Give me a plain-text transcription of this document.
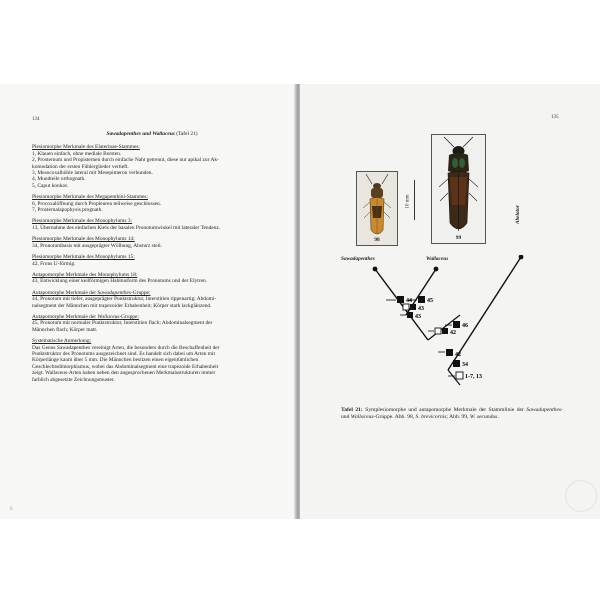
134
Sawadapenthes und Wallaceus (Tafel 21)
Plesiomorphe Merkmale des Elaterinae-Stammes:
1, Klauen einfach, ohne mediale Borsten.
2, Prosternum und Propisternen durch einfache Naht getrennt, diese nur apikal zur Ak-
komodation der ersten Fühlerglieder vertieft.
3, Mesocoxalhöhle lateral mit Mesepimeron verbunden.
4, Mundteile orthognath.
5, Caput konkav.
Plesiomorphe Merkmale des Megapenthini-Stammes:
6, Procoxalöffnung durch Propleuren teilweise geschlossen.
7, Prosternalapophysis prognath.
Plesiomorphe Merkmale des Monophylums 3:
13, Übernahme des einfachen Kiels der basalen Pronotumwinkel mit lateraler Tendenz.
Plesiomorphe Merkmale des Monophylums 14:
34, Pronotumbasis mit ausgeprägter Wölbung, Absturz steil.
Plesiomorphe Merkmale des Monophylums 15:
42, Frons U-förmig.
Autapomorphe Merkmale des Monophylums 18:
43, Entwicklung einer keilförmigen Habitusform des Pronotums und der Elytren.
Autapomorphe Merkmale der Sawadapenthes-Gruppe:
44, Pronotum mit tiefer, ausgeprägter Punktstruktur, Interstitien rippenartig; Abdomi-
nalsegment der Männchen mit trapezoider Erhabenheit; Körper stark lackglänzend.
Autapomorphe Merkmale der Wallaceus-Gruppe:
45, Pronotum mit normaler Punktstruktur, Interstitien flach; Abdominalsegment der
Männchen flach; Körper matt.
Systematische Anmerkung:
Das Genus Sawadapenthes vereinigt Arten, die besonders durch die Beschaffenheit der
Punktstruktur des Pronotums ausgezeichnet sind. Es handelt sich dabei um Arten mit
Körperlänge kaum über 5 mm. Die Männchen besitzen einen eigentümlichen
Geschlechtsdimorphismus, wobei das Abdominalsegment eine trapezoide Erhabenheit
zeigt. Wallaceus-Arten haben neben den angesprochenen Merkmalsstrukturen immer
farblich abgesetzte Zeichnungsmuster.
6
135
98
10 mm
99
Sawadapenthes	Wallaceus
Abelator
44	45
43
43
46
42
42
34
1-7, 13
Tafel 21: Symplesiomorphe und autapomorphe Merkmale der Stammlinie der Sawadapenthes- und Wallaceus-Gruppe. Abb. 98, S. brevicornis; Abb. 99, W. secundus.
